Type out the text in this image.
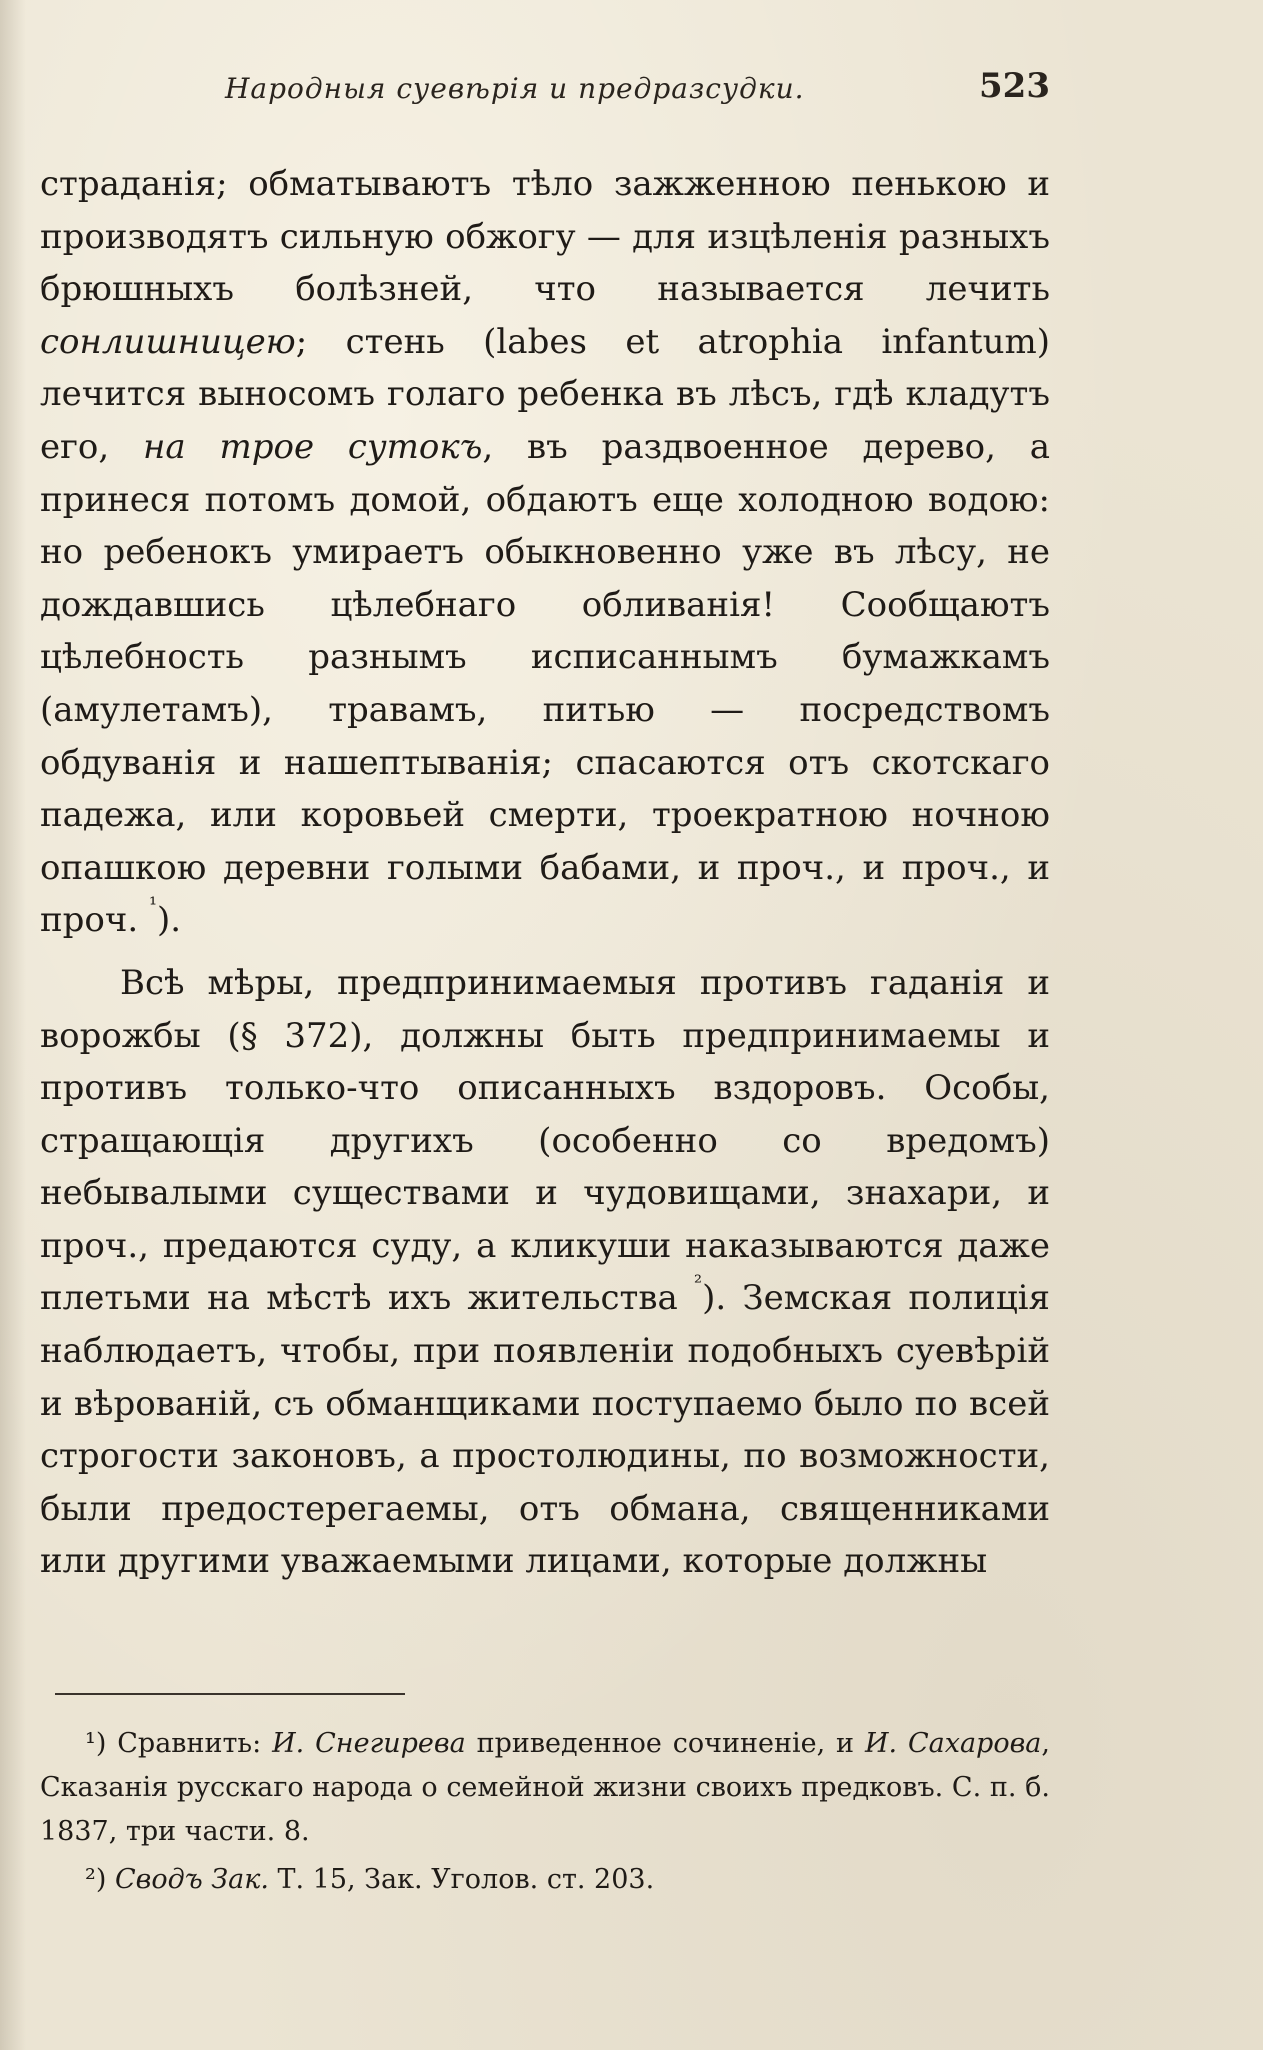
Народныя суевѣрія и предразсудки.	523

страданія; обматываютъ тѣло зажженною пенькою и производятъ сильную обжогу — для изцѣленія разныхъ брюшныхъ болѣзней, что называется лечить сонлишницею; стень (labes et atrophia infantum) лечится выносомъ голаго ребенка въ лѣсъ, гдѣ кладутъ его, на трое сутокъ, въ раздвоенное дерево, а принеся потомъ домой, обдаютъ еще холодною водою: но ребенокъ умираетъ обыкновенно уже въ лѣсу, не дождавшись цѣлебнаго обливанія! Сообщаютъ цѣлебность разнымъ исписаннымъ бумажкамъ (амулетамъ), травамъ, питью — посредствомъ обдуванія и нашептыванія; спасаются отъ скотскаго падежа, или коровьей смерти, троекратною ночною опашкою деревни голыми бабами, и проч., и проч., и проч. $^{^1}$).

Всѣ мѣры, предпринимаемыя противъ гаданія и ворожбы (§ 372), должны быть предпринимаемы и противъ только-что описанныхъ вздоровъ. Особы, стращающія другихъ (особенно со вредомъ) небывалыми существами и чудовищами, знахари, и проч., предаются суду, а кликуши наказываются даже плетьми на мѣстѣ ихъ жительства $^{^2}$). Земская полиція наблюдаетъ, чтобы, при появленіи подобныхъ суевѣрій и вѣрованій, съ обманщиками поступаемо было по всей строгости законовъ, а простолюдины, по возможности, были предостерегаемы, отъ обмана, священниками или другими уважаемыми лицами, которые должны

¹) Сравнить: И. Снегирева приведенное сочиненіе, и И. Сахарова, Сказанія русскаго народа о семейной жизни своихъ предковъ. С. п. б. 1837, три части. 8.

²) Сводъ Зак. Т. 15, Зак. Уголов. ст. 203.
